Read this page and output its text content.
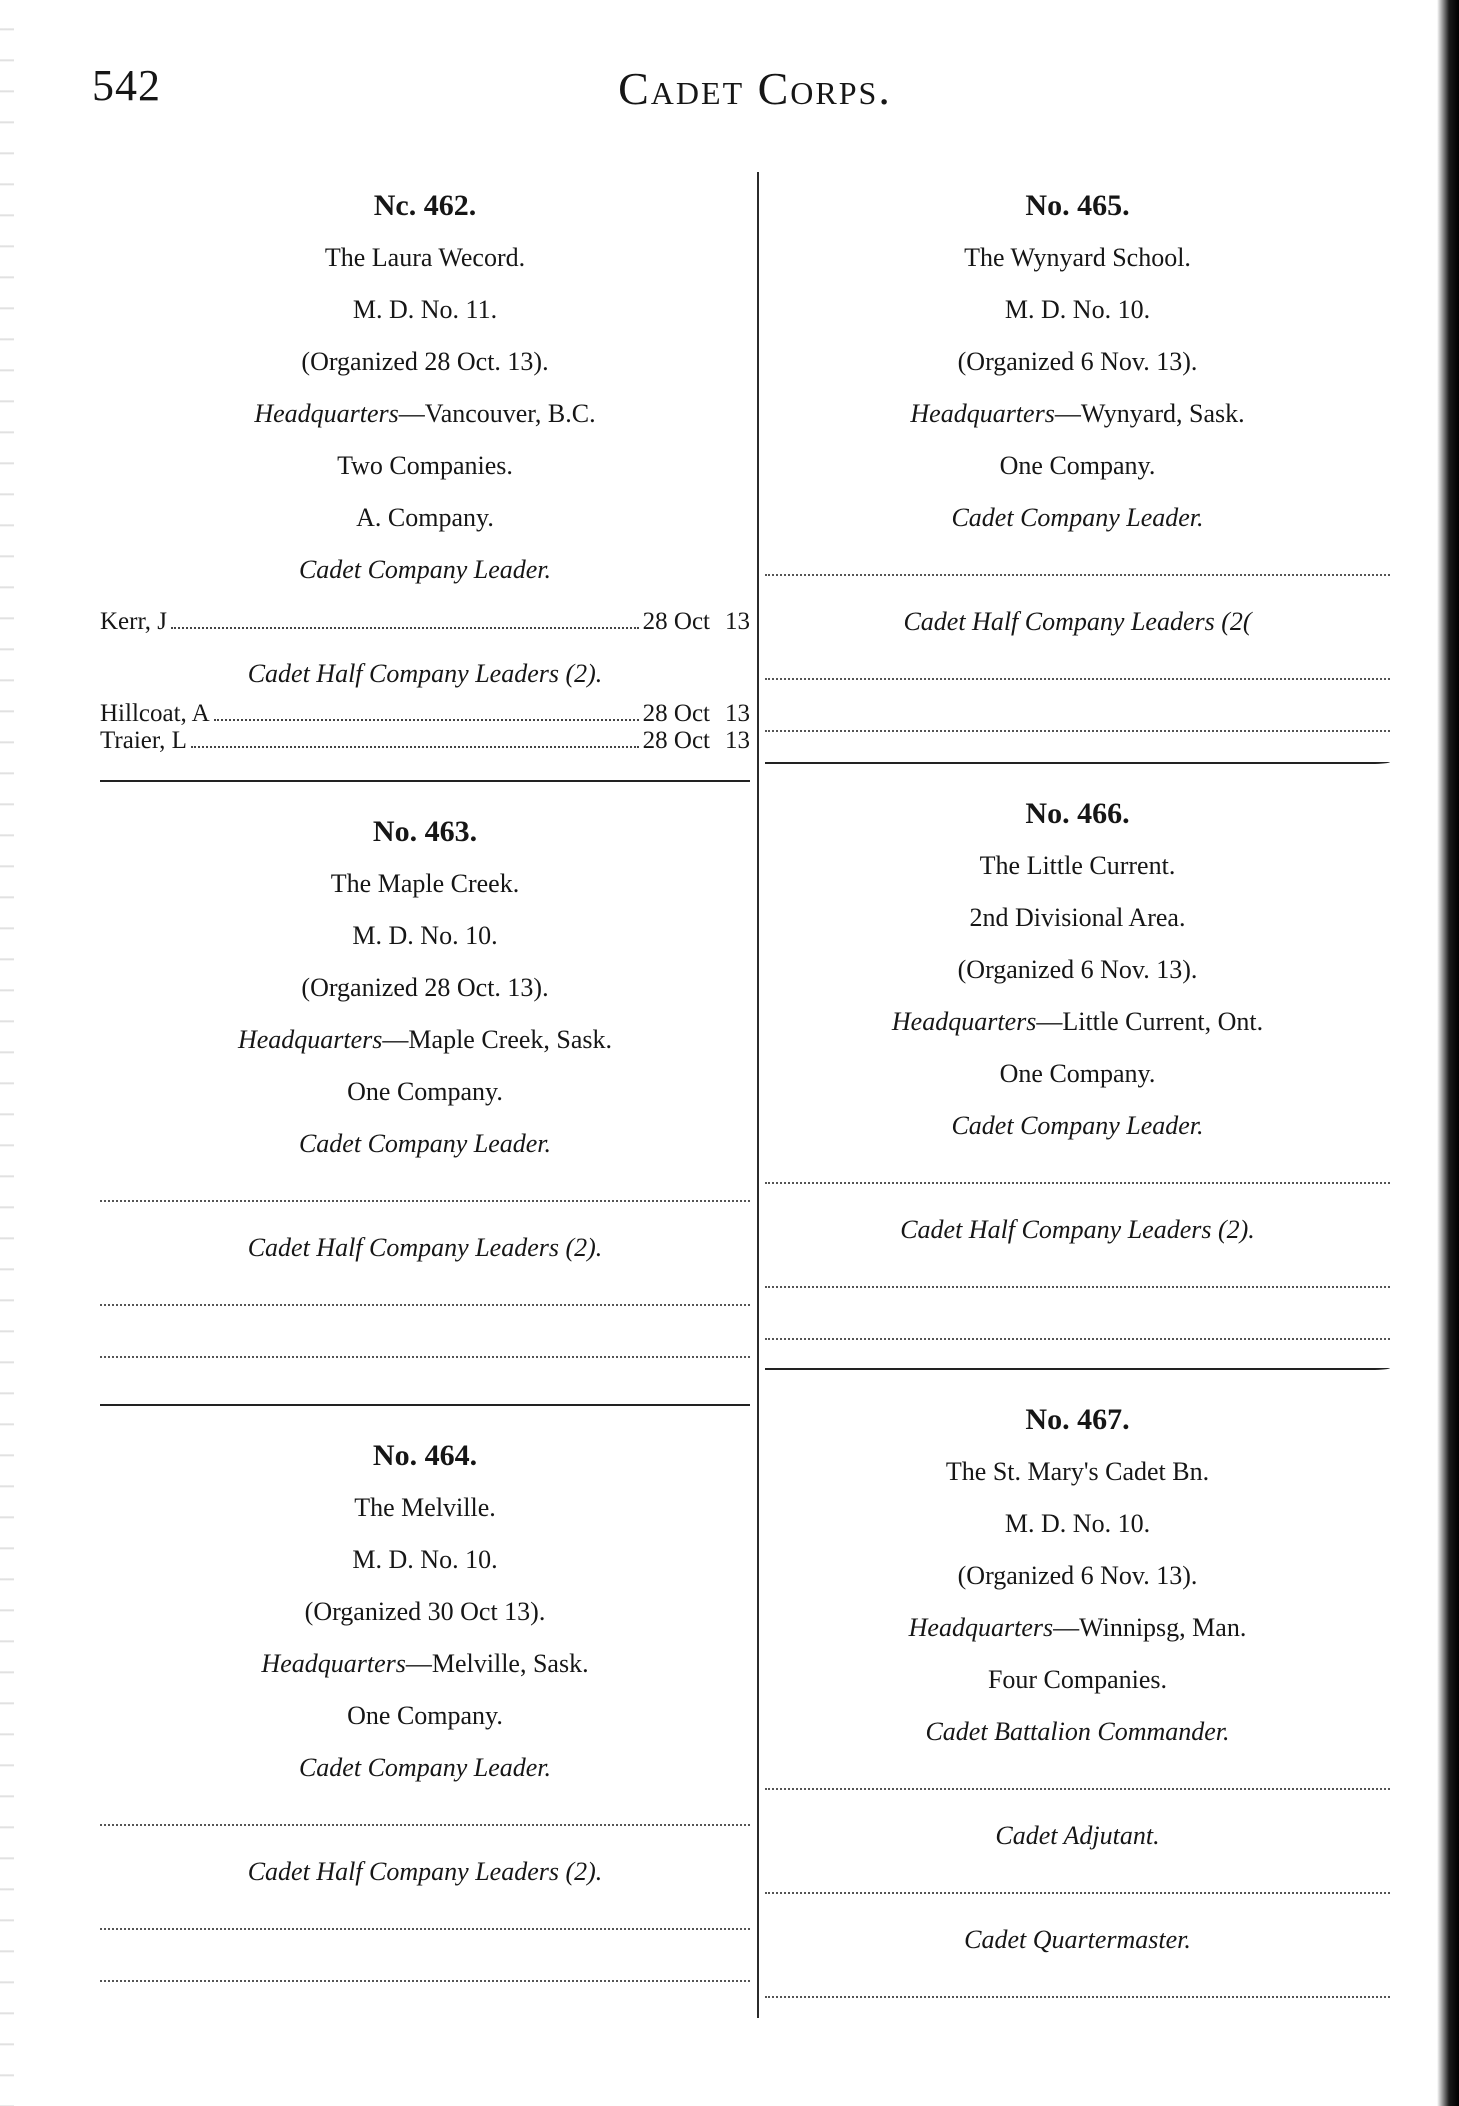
542	Cadet Corps.
Nc. 462.
The Laura Wecord.
M. D. No. 11.
(Organized 28 Oct. 13).
Headquarters—Vancouver, B.C.
Two Companies.
A. Company.
Cadet Company Leader.
Kerr, J	28 Oct 13
Cadet Half Company Leaders (2).
Hillcoat, A	28 Oct 13
Traier, L	28 Oct 13
No. 463.
The Maple Creek.
M. D. No. 10.
(Organized 28 Oct. 13).
Headquarters—Maple Creek, Sask.
One Company.
Cadet Company Leader.
Cadet Half Company Leaders (2).
No. 464.
The Melville.
M. D. No. 10.
(Organized 30 Oct 13).
Headquarters—Melville, Sask.
One Company.
Cadet Company Leader.
Cadet Half Company Leaders (2).
No. 465.
The Wynyard School.
M. D. No. 10.
(Organized 6 Nov. 13).
Headquarters—Wynyard, Sask.
One Company.
Cadet Company Leader.
Cadet Half Company Leaders (2(
No. 466.
The Little Current.
2nd Divisional Area.
(Organized 6 Nov. 13).
Headquarters—Little Current, Ont.
One Company.
Cadet Company Leader.
Cadet Half Company Leaders (2).
No. 467.
The St. Mary's Cadet Bn.
M. D. No. 10.
(Organized 6 Nov. 13).
Headquarters—Winnipsg, Man.
Four Companies.
Cadet Battalion Commander.
Cadet Adjutant.
Cadet Quartermaster.
